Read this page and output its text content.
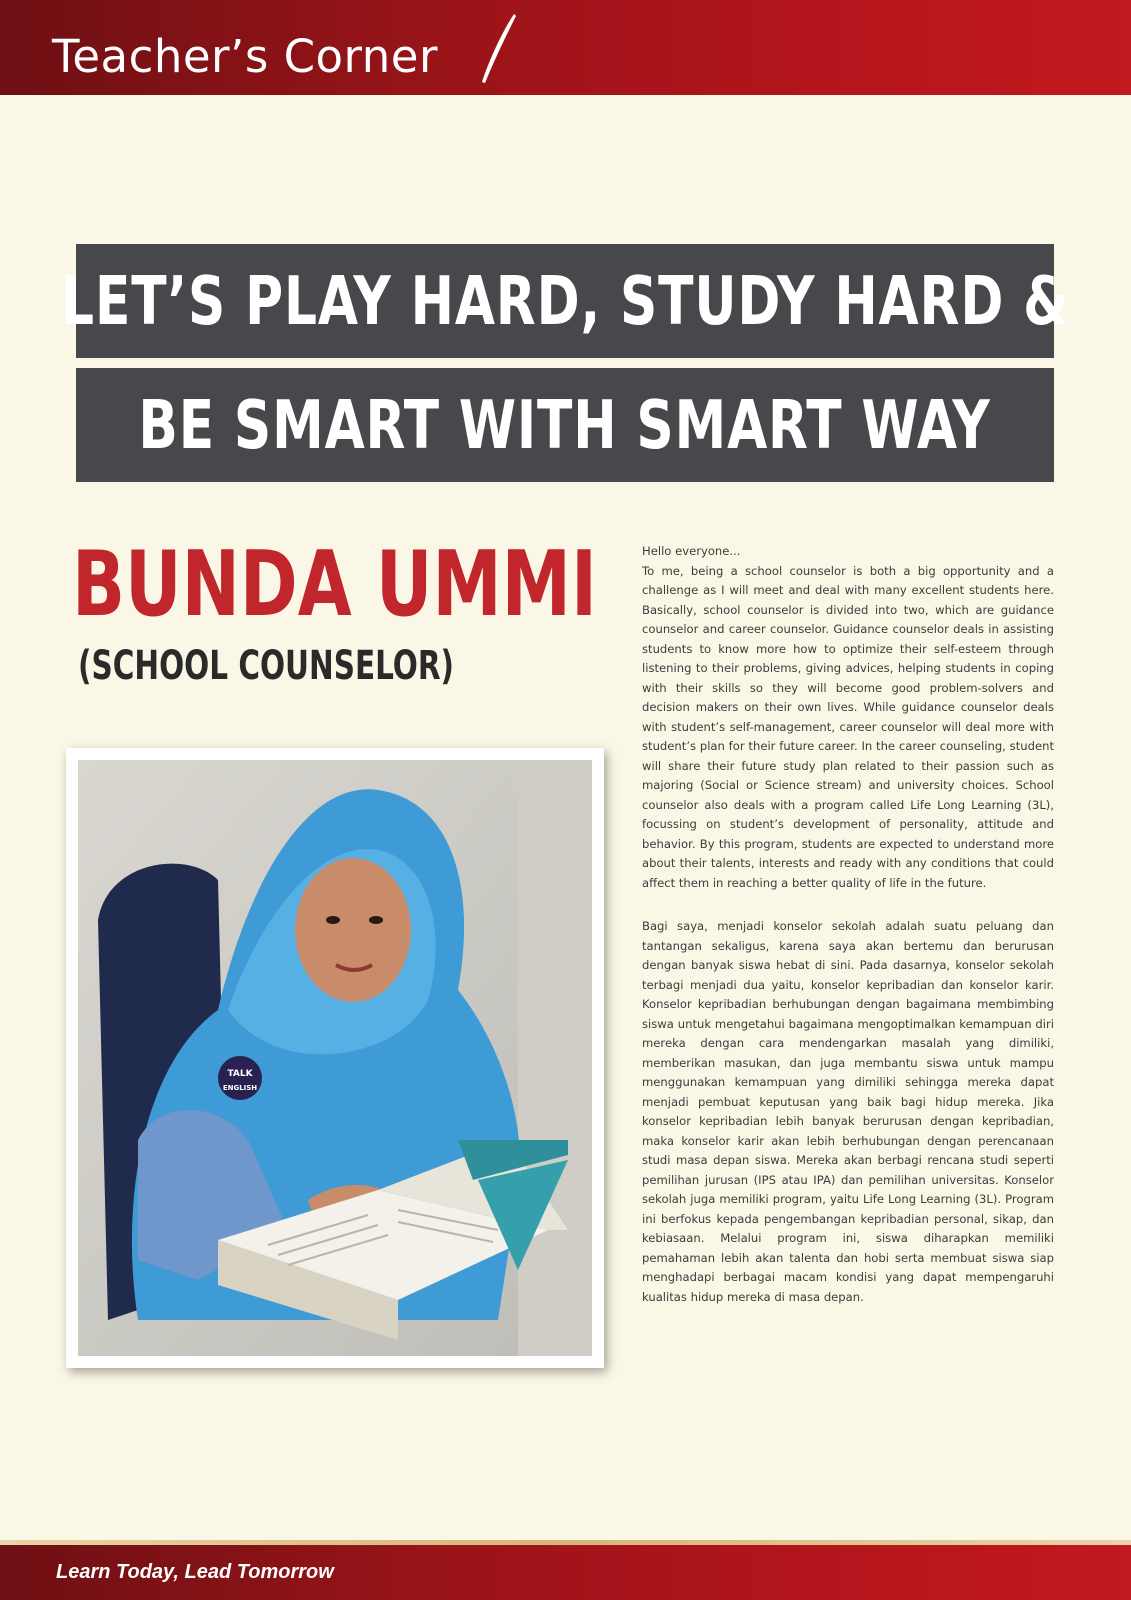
Teacher’s Corner
LET’S PLAY HARD, STUDY HARD &
BE SMART WITH SMART WAY
BUNDA UMMI
(SCHOOL COUNSELOR)
TALK
ENGLISH

Hello everyone...

To me, being a school counselor is both a big opportunity and a challenge as I will meet and deal with many excellent students here. Basically, school counselor is divided into two, which are guidance counselor and career counselor. Guidance counselor deals in assisting students to know more how to optimize their self-esteem through listening to their problems, giving advices, helping students in coping with their skills so they will become good problem-solvers and decision makers on their own lives. While guidance counselor deals with student’s self-management, career counselor will deal more with student’s plan for their future career. In the career counseling, student will share their future study plan related to their passion such as majoring (Social or Science stream) and university choices. School counselor also deals with a program called Life Long Learning (3L), focussing on student’s development of personality, attitude and behavior. By this program, students are expected to understand more about their talents, interests and ready with any conditions that could affect them in reaching a better quality of life in the future.

Bagi saya, menjadi konselor sekolah adalah suatu peluang dan tantangan sekaligus, karena saya akan bertemu dan berurusan dengan banyak siswa hebat di sini. Pada dasarnya, konselor sekolah terbagi menjadi dua yaitu, konselor kepribadian dan konselor karir. Konselor kepribadian berhubungan dengan bagaimana membimbing siswa untuk mengetahui bagaimana mengoptimalkan kemampuan diri mereka dengan cara mendengarkan masalah yang dimiliki, memberikan masukan, dan juga membantu siswa untuk mampu menggunakan kemampuan yang dimiliki sehingga mereka dapat menjadi pembuat keputusan yang baik bagi hidup mereka. Jika konselor kepribadian lebih banyak berurusan dengan kepribadian, maka konselor karir akan lebih berhubungan dengan perencanaan studi masa depan siswa. Mereka akan berbagi rencana studi seperti pemilihan jurusan (IPS atau IPA) dan pemilihan universitas. Konselor sekolah juga memiliki program, yaitu Life Long Learning (3L). Program ini berfokus kepada pengembangan kepribadian personal, sikap, dan kebiasaan. Melalui program ini, siswa diharapkan memiliki pemahaman lebih akan talenta dan hobi serta membuat siswa siap menghadapi berbagai macam kondisi yang dapat mempengaruhi kualitas hidup mereka di masa depan.

Learn Today, Lead Tomorrow
